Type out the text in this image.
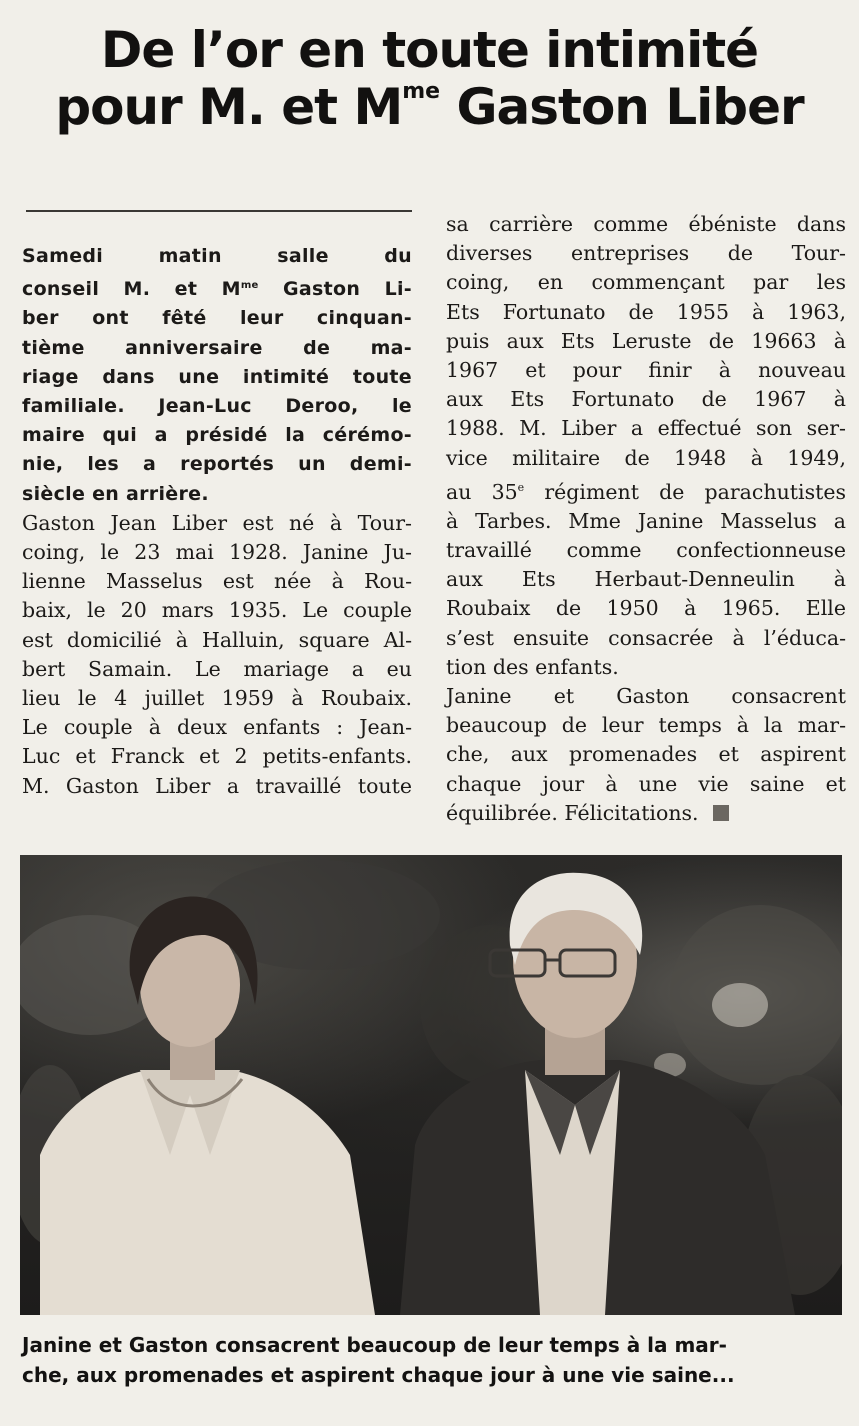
De l’or en toute intimité
pour M. et $M^{me}$ Gaston Liber
Samedi matin salle du
conseil M. et $M^{me}$ Gaston Li-
ber ont fêté leur cinquan-
tième anniversaire de ma-
riage dans une intimité toute
familiale. Jean-Luc Deroo, le
maire qui a présidé la cérémo-
nie, les a reportés un demi-
siècle en arrière.
Gaston Jean Liber est né à Tour-
coing, le 23 mai 1928. Janine Ju-
lienne Masselus est née à Rou-
baix, le 20 mars 1935. Le couple
est domicilié à Halluin, square Al-
bert Samain. Le mariage a eu
lieu le 4 juillet 1959 à Roubaix.
Le couple à deux enfants : Jean-
Luc et Franck et 2 petits-enfants.
M. Gaston Liber a travaillé toute
sa carrière comme ébéniste dans
diverses entreprises de Tour-
coing, en commençant par les
Ets Fortunato de 1955 à 1963,
puis aux Ets Leruste de 19663 à
1967 et pour finir à nouveau
aux Ets Fortunato de 1967 à
1988. M. Liber a effectué son ser-
vice militaire de 1948 à 1949,
au 35e régiment de parachutistes
à Tarbes. Mme Janine Masselus a
travaillé comme confectionneuse
aux Ets Herbaut-Denneulin à
Roubaix de 1950 à 1965. Elle
s’est ensuite consacrée à l’éduca-
tion des enfants.
Janine et Gaston consacrent
beaucoup de leur temps à la mar-
che, aux promenades et aspirent
chaque jour à une vie saine et
équilibrée. Félicitations.
Janine et Gaston consacrent beaucoup de leur temps à la mar-
che, aux promenades et aspirent chaque jour à une vie saine...
